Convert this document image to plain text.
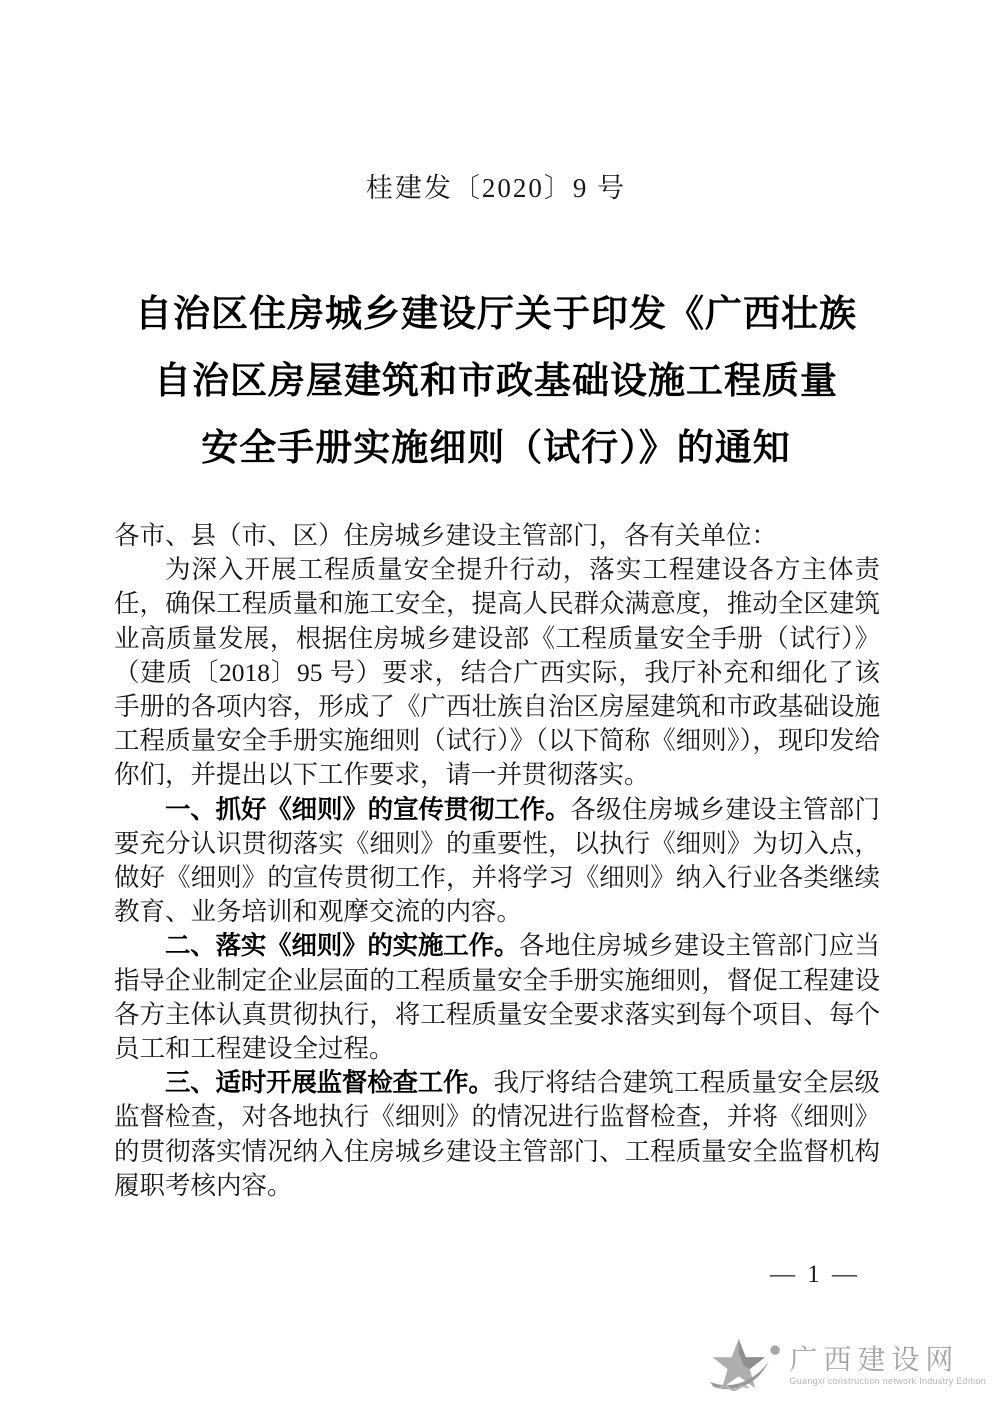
桂建发〔2020〕9 号
自治区住房城乡建设厅关于印发《广西壮族
自治区房屋建筑和市政基础设施工程质量
安全手册实施细则（试行）》的通知

各市、县（市、区）住房城乡建设主管部门，各有关单位：

为深入开展工程质量安全提升行动，落实工程建设各方主体责任，确保工程质量和施工安全，提高人民群众满意度，推动全区建筑业高质量发展，根据住房城乡建设部《工程质量安全手册（试行）》（建质〔2018〕95 号）要求，结合广西实际，我厅补充和细化了该手册的各项内容，形成了《广西壮族自治区房屋建筑和市政基础设施工程质量安全手册实施细则（试行）》（以下简称《细则》），现印发给你们，并提出以下工作要求，请一并贯彻落实。

一、抓好《细则》的宣传贯彻工作。各级住房城乡建设主管部门要充分认识贯彻落实《细则》的重要性，以执行《细则》为切入点，做好《细则》的宣传贯彻工作，并将学习《细则》纳入行业各类继续教育、业务培训和观摩交流的内容。

二、落实《细则》的实施工作。各地住房城乡建设主管部门应当指导企业制定企业层面的工程质量安全手册实施细则，督促工程建设各方主体认真贯彻执行，将工程质量安全要求落实到每个项目、每个员工和工程建设全过程。

三、适时开展监督检查工作。我厅将结合建筑工程质量安全层级监督检查，对各地执行《细则》的情况进行监督检查，并将《细则》的贯彻落实情况纳入住房城乡建设主管部门、工程质量安全监督机构履职考核内容。

— 1 —
广西建设网
Guangxi construction network Industry Edition
